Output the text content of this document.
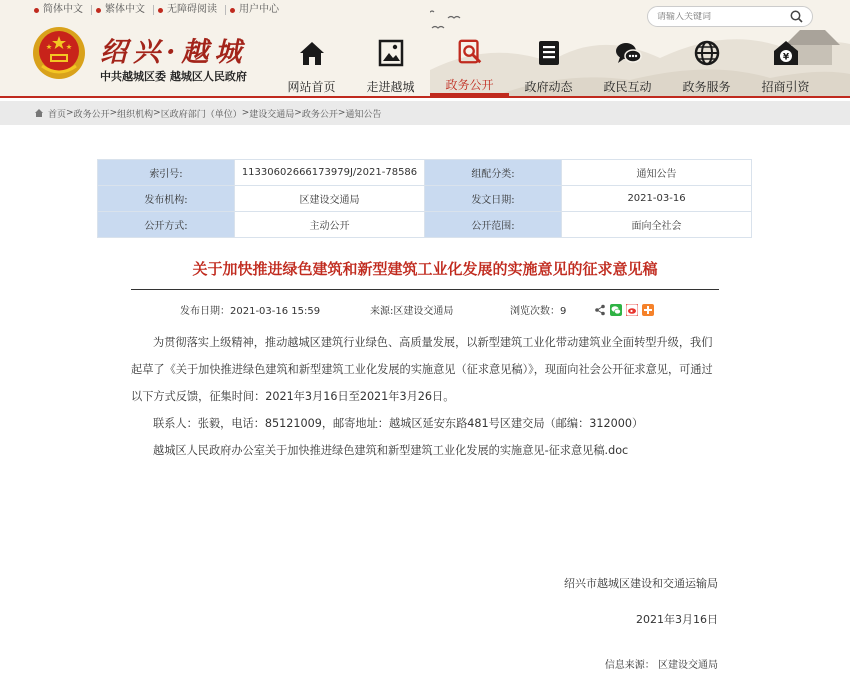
简体中文 繁体中文 无障碍阅读 用户中心
绍兴·越城
中共越城区委 越城区人民政府
请输入关键词
网站首页	走进越城	政务公开	政府动态	政民互动	政务服务
¥
招商引资
首页 > 政务公开 > 组织机构 > 区政府部门（单位） > 建设交通局 > 政务公开 > 通知公告
索引号:	11330602666173979J/2021-78586	组配分类:	通知公告
发布机构:	区建设交通局	发文日期:	2021-03-16
公开方式:	主动公开	公开范围:	面向全社会
关于加快推进绿色建筑和新型建筑工业化发展的实施意见的征求意见稿
发布日期：2021-03-16 15:59	来源:区建设交通局	浏览次数：9

为贯彻落实上级精神，推动越城区建筑行业绿色、高质量发展，以新型建筑工业化带动建筑业全面转型升级，我们起草了《关于加快推进绿色建筑和新型建筑工业化发展的实施意见（征求意见稿）》，现面向社会公开征求意见，可通过以下方式反馈，征集时间：2021年3月16日至2021年3月26日。

联系人：张毅，电话：85121009，邮寄地址：越城区延安东路481号区建交局（邮编：312000）

越城区人民政府办公室关于加快推进绿色建筑和新型建筑工业化发展的实施意见-征求意见稿.doc

绍兴市越城区建设和交通运输局
2021年3月16日
信息来源： 区建设交通局
